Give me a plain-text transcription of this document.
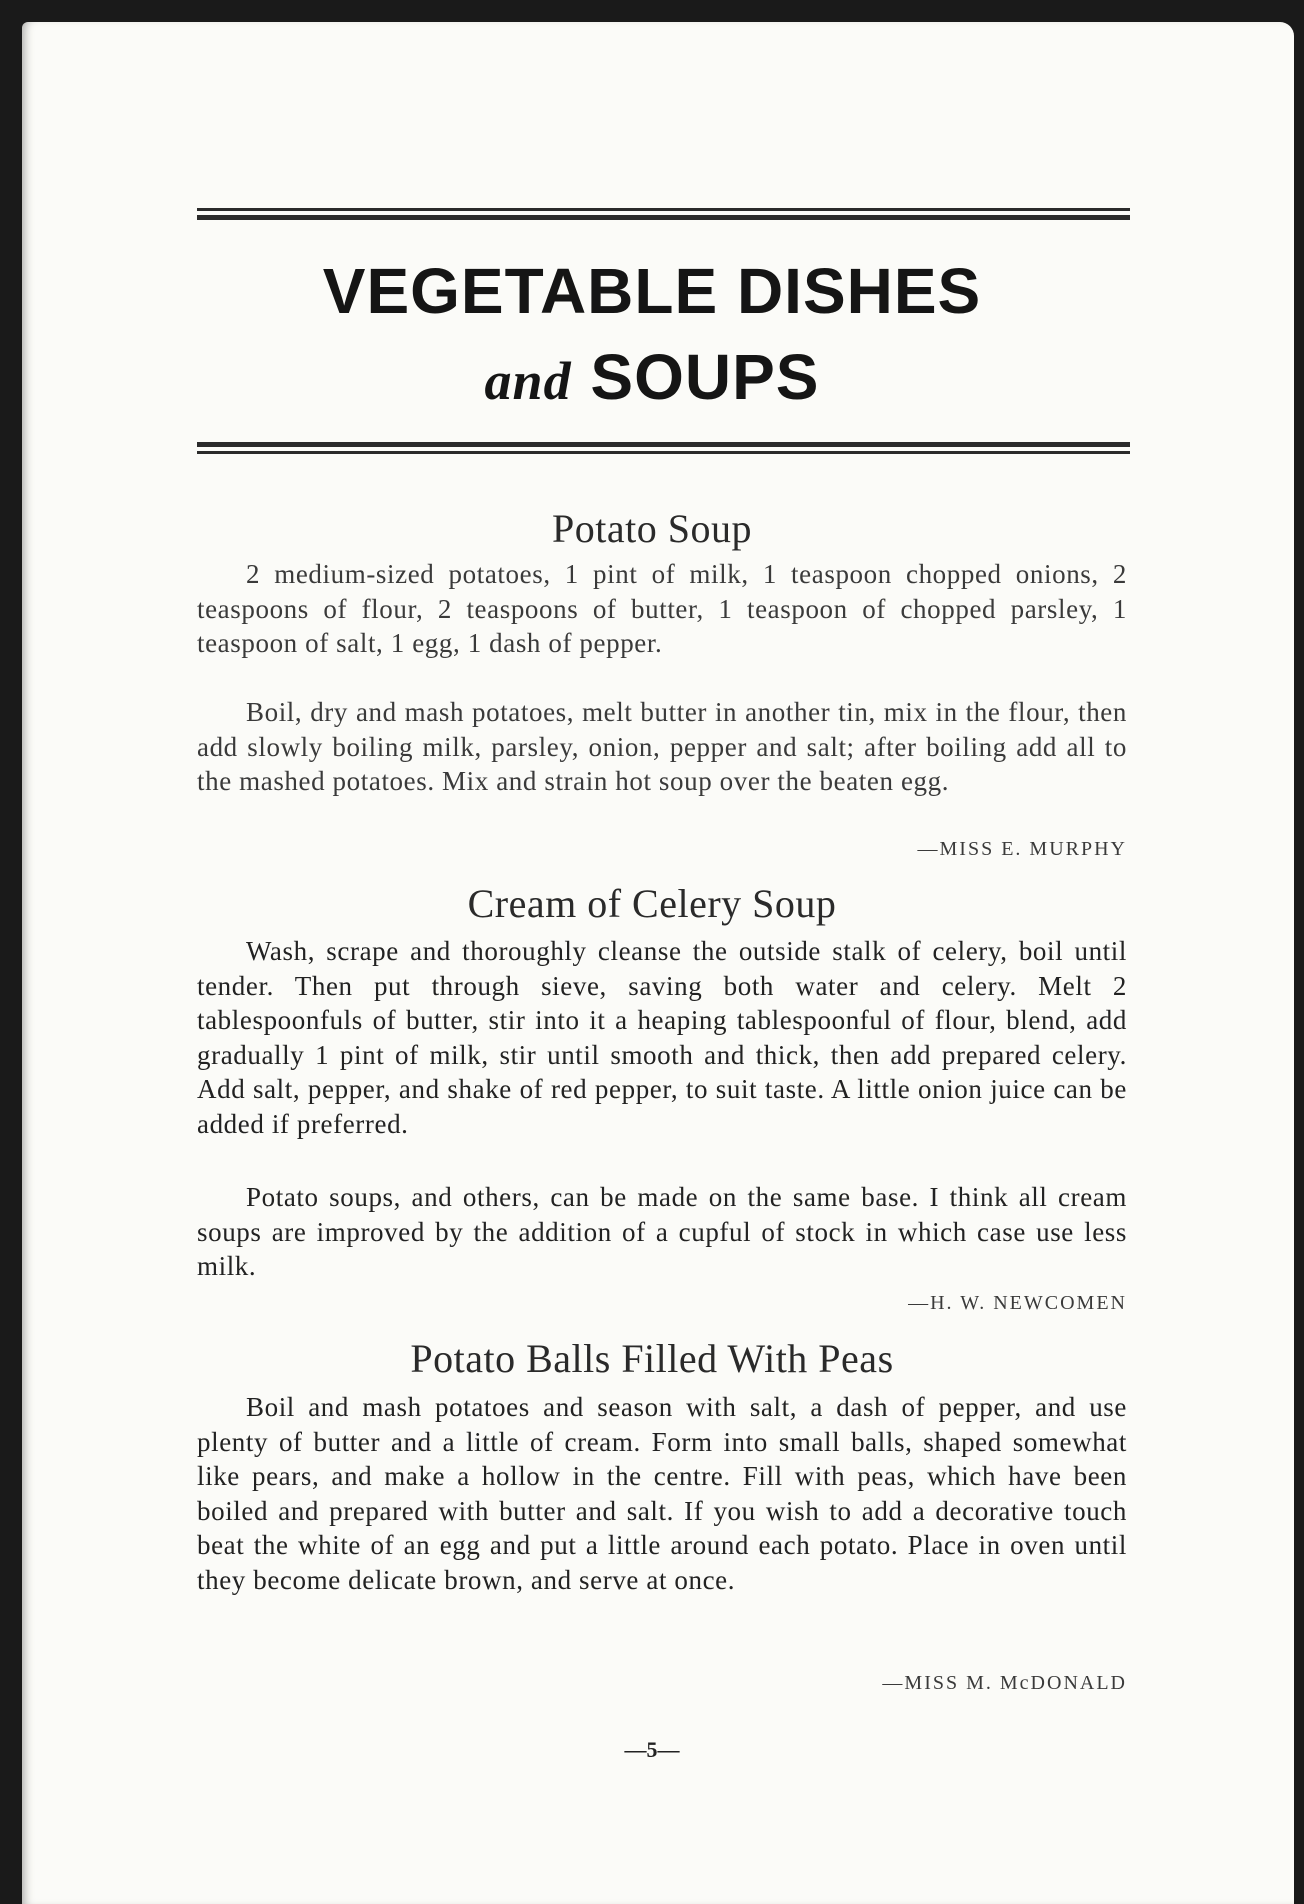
VEGETABLE DISHES
and SOUPS
Potato Soup

2 medium-sized potatoes, 1 pint of milk, 1 teaspoon chopped onions, 2 teaspoons of flour, 2 teaspoons of butter, 1 teaspoon of chopped parsley, 1 teaspoon of salt, 1 egg, 1 dash of pepper.

Boil, dry and mash potatoes, melt butter in another tin, mix in the flour, then add slowly boiling milk, parsley, onion, pepper and salt; after boiling add all to the mashed potatoes. Mix and strain hot soup over the beaten egg.

—MISS E. MURPHY
Cream of Celery Soup

Wash, scrape and thoroughly cleanse the outside stalk of celery, boil until tender. Then put through sieve, saving both water and celery. Melt 2 tablespoonfuls of butter, stir into it a heaping tablespoonful of flour, blend, add gradually 1 pint of milk, stir until smooth and thick, then add prepared celery. Add salt, pepper, and shake of red pepper, to suit taste. A little onion juice can be added if preferred.

Potato soups, and others, can be made on the same base. I think all cream soups are improved by the addition of a cupful of stock in which case use less milk.

—H. W. NEWCOMEN
Potato Balls Filled With Peas

Boil and mash potatoes and season with salt, a dash of pepper, and use plenty of butter and a little of cream. Form into small balls, shaped somewhat like pears, and make a hollow in the centre. Fill with peas, which have been boiled and prepared with butter and salt. If you wish to add a decorative touch beat the white of an egg and put a little around each potato. Place in oven until they become delicate brown, and serve at once.

—MISS M. McDONALD
—5—
